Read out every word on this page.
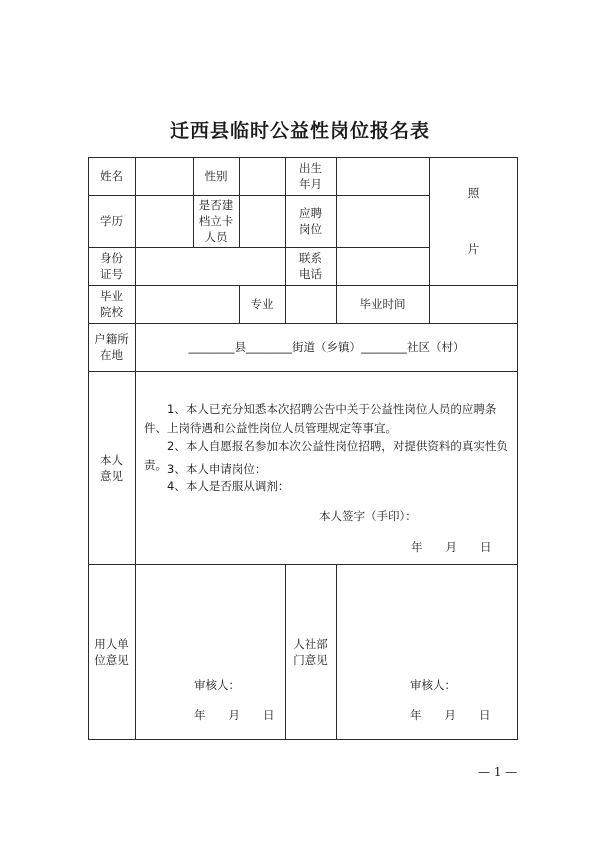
迁西县临时公益性岗位报名表
姓名	性别
出生
年月
照
片
学历
是否建
档立卡
人员
应聘
岗位
身份
证号
联系
电话
毕业
院校
专业	毕业时间
户籍所
在地
________县________街道（乡镇）________社区（村）
本人
意见
1、本人已充分知悉本次招聘公告中关于公益性岗位人员的应聘条件、上岗待遇和公益性岗位人员管理规定等事宜。
2、本人自愿报名参加本次公益性岗位招聘，对提供资料的真实性负责。 3、本人申请岗位：
4、本人是否服从调剂：
本人签字（手印）：
年　　月　　日
用人单
位意见
审核人：
年　　月　　日
人社部
门意见
审核人：
年　　月　　日
— 1 —
